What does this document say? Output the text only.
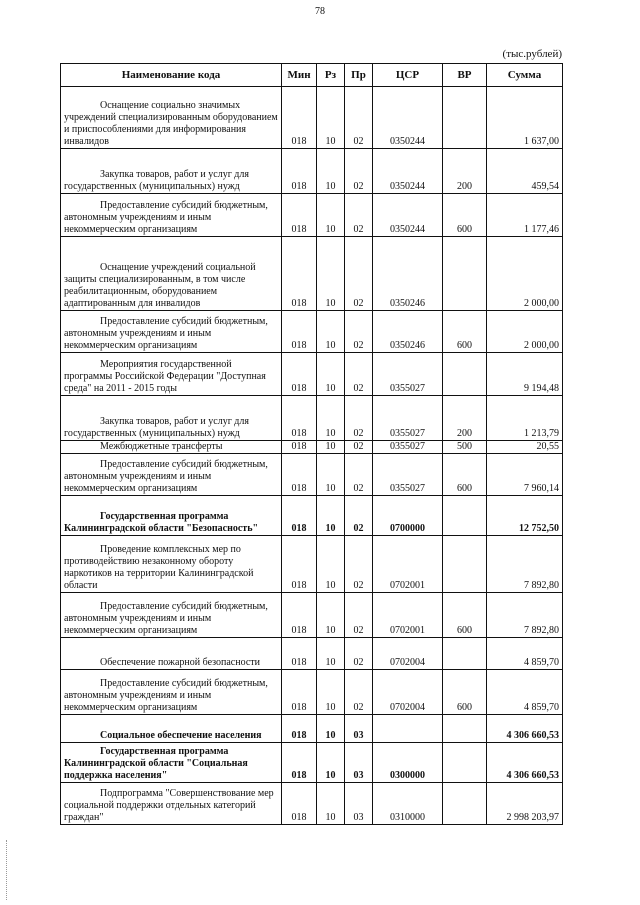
78
(тыс.рублей)
Наименование кода	Мин	Рз	Пр	ЦСР	ВР	Сумма

Оснащение социально значимых учреждений специализированным оборудованием и приспособлениями для информирования инвалидов	018	10	02	0350244		1 637,00

Закупка товаров, работ и услуг для государственных (муниципальных) нужд	018	10	02	0350244	200	459,54

Предоставление субсидий бюджетным, автономным учреждениям и иным некоммерческим организациям	018	10	02	0350244	600	1 177,46

Оснащение учреждений социальной защиты специализированным, в том числе реабилитационным, оборудованием адаптированным для инвалидов	018	10	02	0350246		2 000,00

Предоставление субсидий бюджетным, автономным учреждениям и иным некоммерческим организациям	018	10	02	0350246	600	2 000,00

Мероприятия государственной программы Российской Федерации "Доступная среда" на 2011 - 2015 годы	018	10	02	0355027		9 194,48

Закупка товаров, работ и услуг для государственных (муниципальных) нужд	018	10	02	0355027	200	1 213,79

Межбюджетные трансферты	018	10	02	0355027	500	20,55

Предоставление субсидий бюджетным, автономным учреждениям и иным некоммерческим организациям	018	10	02	0355027	600	7 960,14

Государственная программа Калининградской области "Безопасность"	018	10	02	0700000		12 752,50

Проведение комплексных мер по противодействию незаконному обороту наркотиков на территории Калининградской области	018	10	02	0702001		7 892,80

Предоставление субсидий бюджетным, автономным учреждениям и иным некоммерческим организациям	018	10	02	0702001	600	7 892,80

Обеспечение пожарной безопасности	018	10	02	0702004		4 859,70

Предоставление субсидий бюджетным, автономным учреждениям и иным некоммерческим организациям	018	10	02	0702004	600	4 859,70

Социальное обеспечение населения	018	10	03			4 306 660,53

Государственная программа Калининградской области "Социальная поддержка населения"	018	10	03	0300000		4 306 660,53

Подпрограмма "Совершенствование мер социальной поддержки отдельных категорий граждан"	018	10	03	0310000		2 998 203,97
